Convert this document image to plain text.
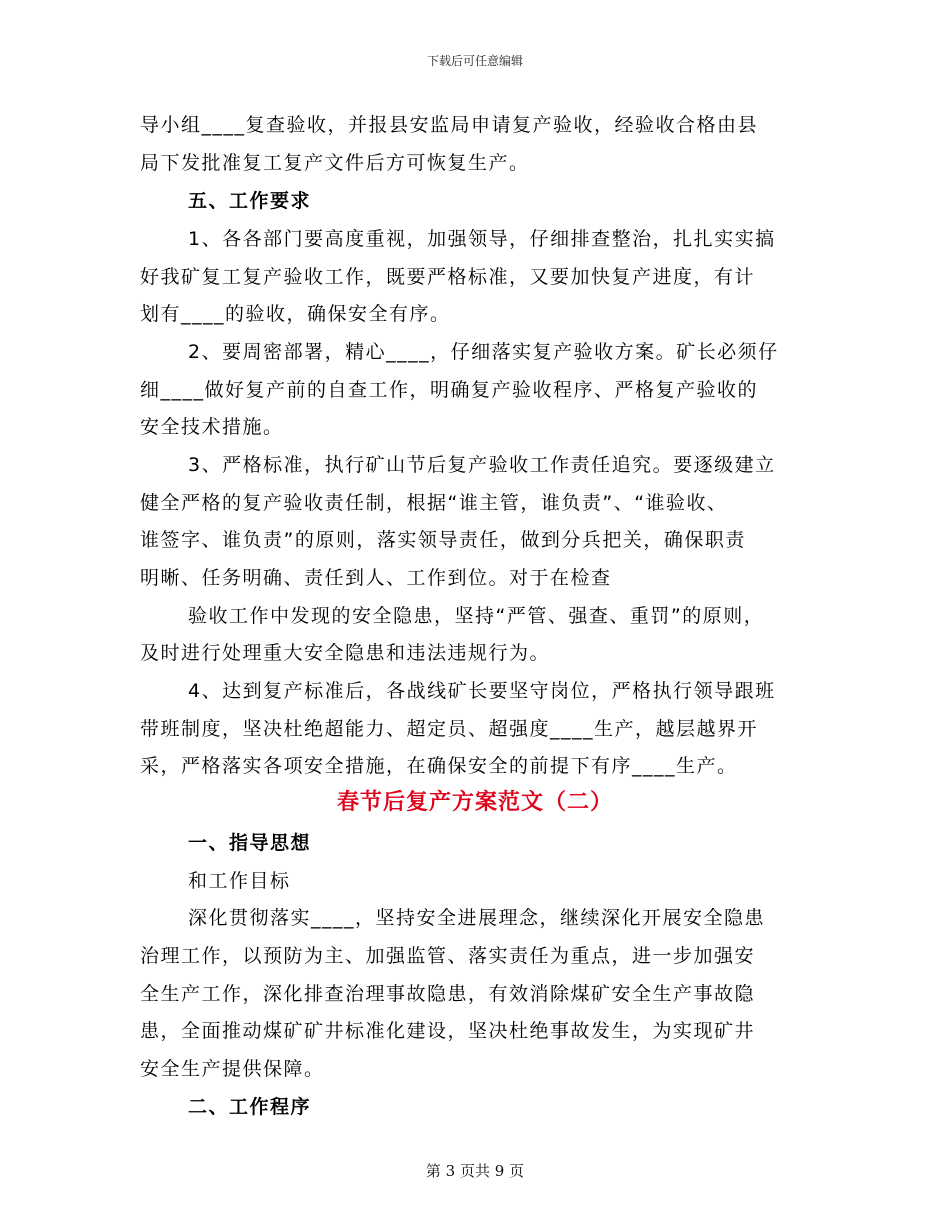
下载后可任意编辑
导小组____复查验收，并报县安监局申请复产验收，经验收合格由县
局下发批准复工复产文件后方可恢复生产。
五、工作要求
1、各各部门要高度重视，加强领导，仔细排查整治，扎扎实实搞
好我矿复工复产验收工作，既要严格标准，又要加快复产进度，有计
划有____的验收，确保安全有序。
2、要周密部署，精心____，仔细落实复产验收方案。矿长必须仔
细____做好复产前的自查工作，明确复产验收程序、严格复产验收的
安全技术措施。
3、严格标准，执行矿山节后复产验收工作责任追究。要逐级建立
健全严格的复产验收责任制，根据“谁主管，谁负责”、“谁验收、
谁签字、谁负责”的原则，落实领导责任，做到分兵把关，确保职责
明晰、任务明确、责任到人、工作到位。对于在检查
验收工作中发现的安全隐患，坚持“严管、强查、重罚”的原则，
及时进行处理重大安全隐患和违法违规行为。
4、达到复产标准后，各战线矿长要坚守岗位，严格执行领导跟班
带班制度，坚决杜绝超能力、超定员、超强度____生产，越层越界开
采，严格落实各项安全措施，在确保安全的前提下有序____生产。
春节后复产方案范文（二）
一、指导思想
和工作目标
深化贯彻落实____，坚持安全进展理念，继续深化开展安全隐患
治理工作，以预防为主、加强监管、落实责任为重点，进一步加强安
全生产工作，深化排查治理事故隐患，有效消除煤矿安全生产事故隐
患，全面推动煤矿矿井标准化建设，坚决杜绝事故发生，为实现矿井
安全生产提供保障。
二、工作程序
第 3 页共 9 页
